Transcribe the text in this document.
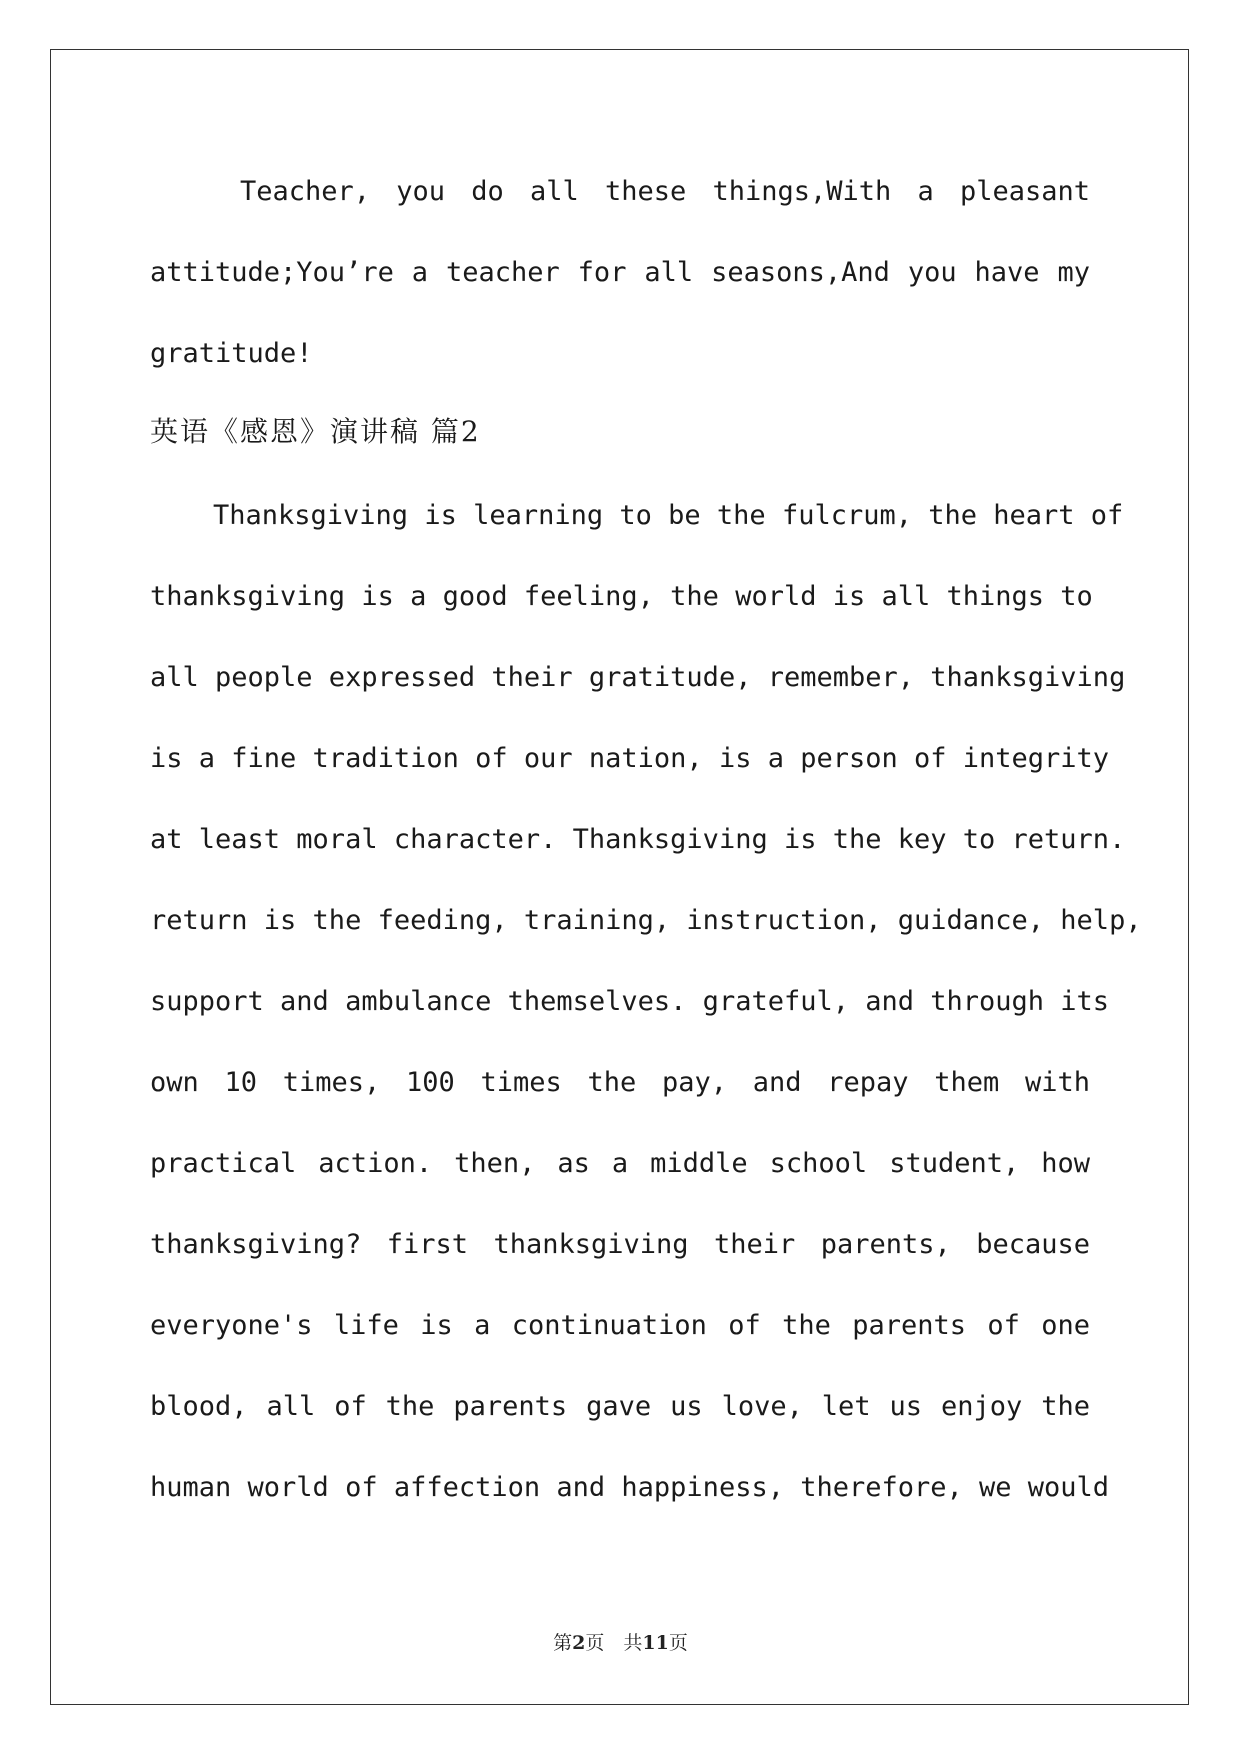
Teacher, you do all these things,With a pleasant
attitude;You’re a teacher for all seasons,And you have my
gratitude!
英语《感恩》演讲稿 篇2
Thanksgiving is learning to be the fulcrum, the heart of
thanksgiving is a good feeling, the world is all things to
all people expressed their gratitude, remember, thanksgiving
is a fine tradition of our nation, is a person of integrity
at least moral character. Thanksgiving is the key to return.
return is the feeding, training, instruction, guidance, help,
support and ambulance themselves. grateful, and through its
own 10 times, 100 times the pay, and repay them with
practical action. then, as a middle school student, how
thanksgiving? first thanksgiving their parents, because
everyone's life is a continuation of the parents of one
blood, all of the parents gave us love, let us enjoy the
human world of affection and happiness, therefore, we would
第2页　共11页
